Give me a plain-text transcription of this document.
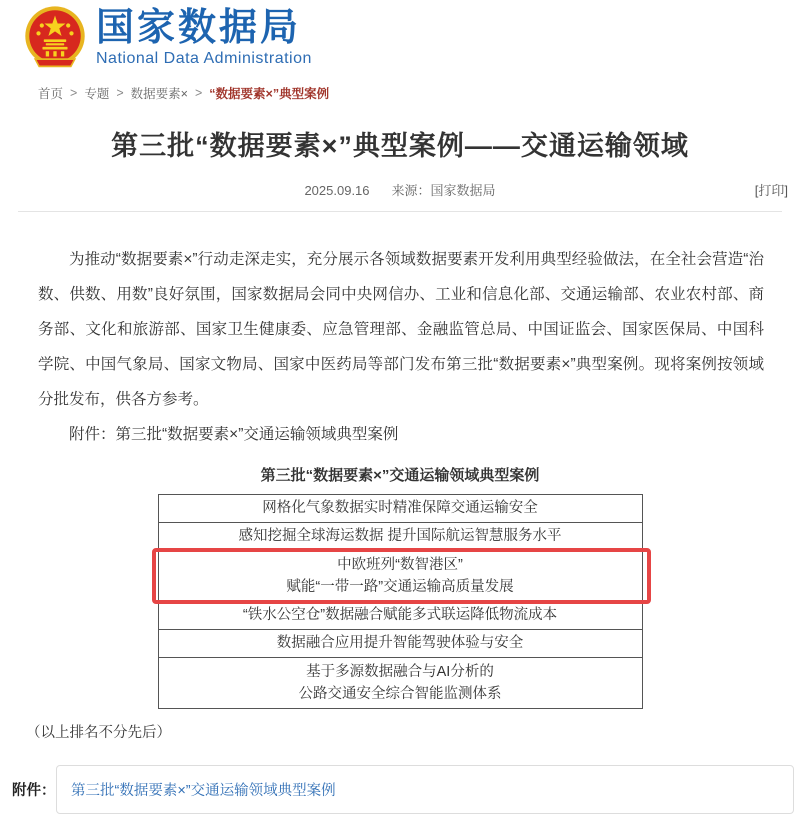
国家数据局
National Data Administration
首页 > 专题 > 数据要素× > “数据要素×”典型案例
第三批“数据要素×”典型案例——交通运输领域
2025.09.16 来源：国家数据局	[打印]

为推动“数据要素×”行动走深走实，充分展示各领域数据要素开发利用典型经验做法，在全社会营造“治数、供数、用数”良好氛围，国家数据局会同中央网信办、工业和信息化部、交通运输部、农业农村部、商务部、文化和旅游部、国家卫生健康委、应急管理部、金融监管总局、中国证监会、国家医保局、中国科学院、中国气象局、国家文物局、国家中医药局等部门发布第三批“数据要素×”典型案例。现将案例按领域分批发布，供各方参考。

附件：第三批“数据要素×”交通运输领域典型案例
第三批“数据要素×”交通运输领域典型案例
网格化气象数据实时精准保障交通运输安全
感知挖掘全球海运数据 提升国际航运智慧服务水平
中欧班列“数智港区”
赋能“一带一路”交通运输高质量发展
“铁水公空仓”数据融合赋能多式联运降低物流成本
数据融合应用提升智能驾驶体验与安全
基于多源数据融合与AI分析的
公路交通安全综合智能监测体系
（以上排名不分先后）
附件：	第三批“数据要素×”交通运输领域典型案例
